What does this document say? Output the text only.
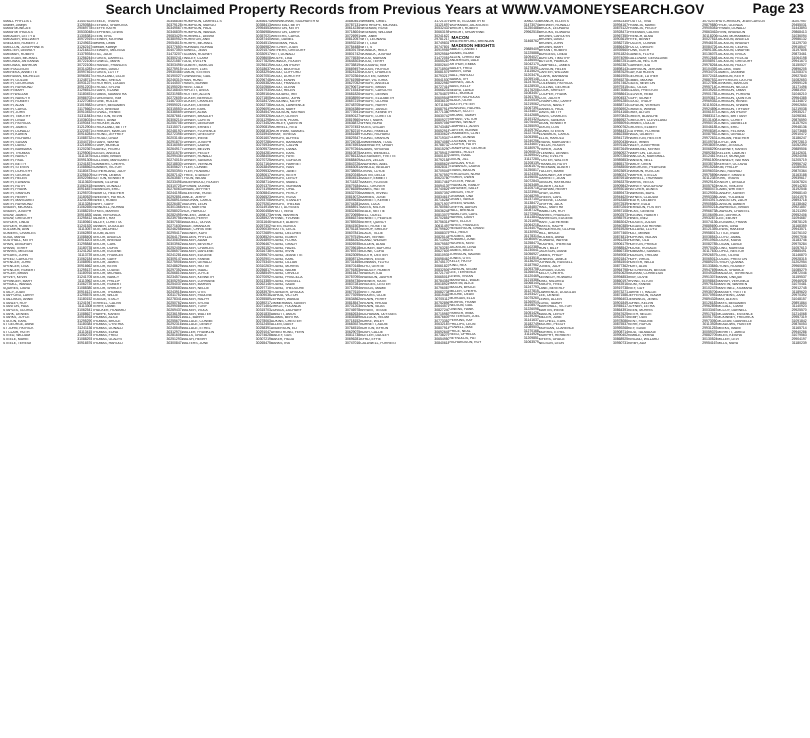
Search Unclaimed Property Records from Previous Years at WWW.VAMONEYSEARCH.GOV	Page 23
SMALL PHYLLIS L	31447522
Shaner, Joseph	31250584
SMAW MONICA E	29069778
SMAW MITHIUOLS	30533048
SMEADER, LETTY A	31305381
SMEADER, WILLIAM H	30972919
SNEDDEN, ROBERT J	31249631
SMELLON, JOSEPHINE B	31262167
SMELTER, DEBRA Y	31216422
SMEMAIR, ROBERT	31375934
SMETIGAN, MICHAEL	31256244
SMEONAS, ANTIANNA	30722106
SMEONAS, BARROW	30722106
SMITH ALLISON	30314283
SMEREKA, ANNETTE	30997461
SMERDIAN, MICHELLE	30960817
SMITH, GOLDIE	31248713
SMITH, GEORGINA	30931227
SMITH, RAYMOND	30912203
SMITH MARY	31296512
SMITH WILLIAM	31180451
SMITH, NANCY K	30986702
SMITH, ROBERT	31227045
SMITH, ALAN	31019582
SMITH, CAROL	31175662
SMITH, JOHN	30910452
SMITH, TIMOTHY	31311843
SMITH, LINDA	31036024
SMITH, PATRICIA	31090447
SMITH, JAMES	31212904
SMITH, DONALD	31224571
SMITH, KAREN	30916284
SMITH, RICHARD	31088732
SMITH, SUSAN	31044719
SMITH, DAVID	31216950
SMITH, BARBARA	31202367
SMITH, THOMAS	31295061
SMITH, NANCY	31113476
SMITH, PAUL	30991305
SMITH, BETTY	31241837
SMITH, STEVEN	31088562
SMITH, DOROTHY	31180473
SMITH, GEORGE	31256109
SMITH, HELEN	30922946
SMITH, EDWARD	31113620
SMITH, RUTH	31062418
SMITH, FRANK	30916457
SMITH, SHARON	31295703
SMITH, HENRY	31180529
SMITH, MARGARET	31241098
SMITH, RAYMOND	31113284
SNIDER, MICHAEL	31062650
SNIDER, JOSEPH	31088219
SNOW, JAMES	30916830
SNOW, GREGORY	31295412
SNYDER, LINDA	31180661
SNYDER, ROBERT	31241520
SOLOMON, ANN	31113057
SOMERS, CHARLES	31062893
SOSA, MARIA	31088406
SOUTHALL, KEITH	30916203
SPAIN, DEBORAH	31295848
SPANN, TERRY	31180735
SPARKS, MELISSA	31241262
SPEARS, JOHN	31113739
SPEED, CAROLYN	31062184
SPENCER, JOHN	31088951
SPENCER, LISA	30916662
SPENCER, ROBERT	31295137
SPICER, BRIAN	31180916
SPIVEY, KEVIN	31241705
SPRINGER, MARY	31113962
SPRUILL, WANDA	31062739
SQUIRES, DAVID	31088380
STACY, JOAN	30916121
STAFFORD, LARRY	31295576
STALLINGS, ANNIE	31180152
STANLEY, ROY	31241947
STANTON, PAUL	31113308
STAPLES, GLORIA	31062541
STARK, DENNIS	31088627
STARKS, JOYCE	30916918
STATON, EARL	31295290
ST GEORGE, ANNE	31180384
ST JOHN, PATRICK	31241136
ST CLAIR, RUTH	31113415
STEED, WILLIAM	31062078
STEELE, MARIE	31088293
STEELE, TERESA	30916576
STEELE, TRAVIS	30346836
STEFANO, SHARON A	30379128
STEFFE KATHI	30349567
STEPHENS, LEWIS	30346839
STEIN, ERIC	29083429
STEINER, KATRINA	30380952
Stevens, Lewis	29054615
Stewart, Kathryn	30377650
STEWART, MELISSA	30407350
STILL, JULIE	31473207
STOKES, DARRELL	30350241
STOWELL, MARK	30221587
STRANGE, FRANCES	30303496
STORMS, DAVID	30275915
STOKES, LOTTY	29930466
STRICKLAND, LILLIE	30190027
STRONG, SHEILA	30246310
STROTHER, LOGAN	30144507
STROUD, SYLVIA	30195026
STUART, ELAINE	30216840
STUBBS, SAMANTHA	30231985
STURDIVANT, KIM	30272605
STONE, HOLLIE	31467330
STOREY, BENJAMIN	29959021
STOUT, BRENDA	30315553
STOVALL, RENEE	30338569
STRATTON, KEVIN	30287661
STREET, ANNA	30306214
STRICKER, ALAN	30255708
STRICKLAND, BETTY	31315071
STRINGER, MARCUS	30248192
STRONG, JEFFREY	30272398
STROUD, LINDA	30203146
STUART, WAYNE	30291874
STUMP, MONICA	30316055
SUAREZ, PEDRO	30264917
SUGGS, ANGELA	30231578
SULLIVAN, BRIAN	30299436
SULLIVAN, MARGARET	30274015
SUMMERS, CHERYL	30218830
SUMNER, VICTOR	30305627
SUTHERLAND, JUDY	30250394
SUTPHIN, DEBRA	30287142
SUTTON, KENNETH	30263587
SWAIN, GLORIA	30233496
SWANN, DONALD	30310725
SWANSON, ERIC	30276063
SWARTZ, HEATHER	30244198
SWEENEY, PATRICK	30292851
SWEET, ROBIN	30268914
SWIFT, GARY	30226487
SWINDELL, NORMA	30301368
SYKES, MARVIN	30258023
TABB, VERONICA	30282495
TALBERT, RAY	30239756
TALLEY, LORETTA	30307084
TANNER, DOUGLAS	30271630
TATE, MILDRED	30246258
TATUM, ALVIN	30295417
TAYLOR, ANGELA	30264175
TAYLOR, BRENDA	30230839
TAYLOR, CARL	30303962
TAYLOR, DORIS	30252406
TAYLOR, EUGENE	30286573
TAYLOR, FRANCES	30241281
TAYLOR, GARY	30309147
TAYLOR, JAMES	30275906
TAYLOR, KEVIN	30248629
TAYLOR, LOUISE	30297352
TAYLOR, MICHAEL	30266810
TAYLOR, NANCY	30234574
TAYLOR, PHILLIP	30305293
TAYLOR, ROBERT	30254037
TAYLOR, SHIRLEY	30289680
TAYLOR, THOMAS	30243915
TAYLOR, WILLIE	30311752
TEAGUE, STACY	30278341
TERRELL, CALVIN	30250762
TERRY, DIANE	30299085
THACKER, HOWARD	30269437
THARPE, KAREN	30236198
THOMAS, ALICE	30306821
THOMAS, BRUCE	30255670
THOMAS, CYNTHIA	30292316
THOMAS, DONALD	30245549
THOMAS, EDNA	30312974
THOMAS, FRED	30281608
THOMAS, GLADYS	30251293
THOMAS, HAROLD	30300847
THOMPSON, DARRELL S	30456474
THOMPSON, MARGO	30358413
THOMPSON, PAUL	29954553
THOMPSON, WANDA	30356986
THORNHILL, DEBRA	30357021
THORNTON, ANN	30287440
THORPE, MICHAEL	30264513
THURMAN, NORMA	30356982
TIDWELL, JEAN	30291574
TILLMAN, RODNEY	30330917
TINSLEY, CLARA	30298608
TODD, EVELYN	30277825
TOLBERT, MARCUS	30256119
TOLLIVER, LOIS	30318637
TOMLIN, STEVEN	30283294
TOWNSEND, GAIL	30267051
TRAN, HUNG	30296748
TRAVIS, BONNIE	30265382
TRENT, DALE	30310566
TRIPLETT, ANITA	30257930
TROTTER, ALLEN	30289164
TUCKER, BERNICE	30271805
TUCKER, CHARLES	30318472
TUCKER, DENISE	30262738
TUCKER, EARL	30296091
TURNER, ALMA	30284547
TURNER, BRADLEY	30259326
TURNER, CURTIS	30311298
TURNER, DEBORAH	30273452
TURNER, ERNEST	30290819
TURNER, FLORENCE	30268163
TURNER, GREGORY	30315940
TURNER, IRENE	30261607
TURNER, JOSEPH	30297286
TURNER, LAURA	30276934
TURNER, MELVIN	30309573
TURNER, PEGGY	30254281
TURNER, RONALD	30288406
TURNER, SANDRA	30270725
TURNER, VERNON	30317164
TYLER, CONNIE	30263849
TYLER, HOWARD	30299532
TYREE, STANLEY	30280617
TYSON, WILMA	30312089
UNDERWOOD, ROGER	30258714
UPSHAW, DONNA	30291370
URBAN, JEFFREY	30274196
VALENTINE, ROSE	30305841
VANCE, JERRY	30266523
VAUGHAN, CAROL	30293708
VAUGHN, LEON	30279261
VEST, MARTHA	30314915
VICK, HAROLD	30260458
VINCENT, JANICE	30298173
VINSON, PERRY	30285927
WADDELL, OLIVIA	30311646
WADE, BRANDON	30257302
WADE, CHRISTINE	30290035
WAGNER, KURT	30272689
WALDEN, PHYLLIS	30308524
WALKER, ADAM	30264890
WALKER, BEVERLY	30296467
WALKER, CHARLES	30281152
WALKER, DARLENE	30316738
WALKER, EUGENE	30259674
WALKER, FANNIE	30292901
WALKER, GERALD	30275340
WALKER, HATTIE	30310263
WALKER, ISAAC	30256817
WALKER, JOYCE	30288549
WALKER, KENNETH	30270092
WALKER, LORRAINE	30313385
WALKER, MARVIN	30262146
WALKER, NELLIE	30297710
WALKER, OTIS	30283978
WALKER, PAULINE	30309036
WALKER, RALPH	30255589
WALKER, SYLVIA	30289217
WALKER, TONY	30271464
WALKER, VIOLA	30315703
WALKER, WALTER	30261830
WALL, BARRY	30294585
WALLACE, CONNIE	30278063
WALLACE, DEWEY	30312450
WALLACE, ETHEL	30258391
WALLER, FRANKLIN	30291047
WALLS, GRACE	30274628
WALSH, HENRY	30307219
WALTERS, JUNE	30265475
WINNINGHAM, SIDDHARTH M	30880461
WINSTEAD, BETH	30787131
WINSTON, KEITH	30614236
WINSTON, LARRY	30718604
WINTERS, CAROL	30726991
WISE, DANIEL	30812057
WISEMAN, PAUL	30693210
WITCHER, JOAN	30754488
WITHERS, GREGORY	30639175
WITT, DONALD	30801742
WOLFE, LISA	30776530
WOMACK, ROGER	30648303
WOOD, ANTHONY	30735819
WOOD, BEATRICE	30669497
WOOD, CLIFFORD	30824126
WOOD, DOROTHY	30702364
WOOD, EDWIN	30761958
WOOD, FRANCES	30627052
WOOD, GLENN	30790671
WOOD, HELEN	30715343
WOODARD, IRIS	30681826
WOODARD, JOHN	30838590
WOODING, KATHY	30657219
WOODS, LAWRENCE	30748705
WOODS, MARY	30604386
WOODSON, NATHAN	30773941
WOODY, OLIVER	30690127
WOOTEN, PEARL	30819560
WORLEY, QUENTIN	30636872
WORRELL, RITA	30707453
WORTHAM, SAMUEL	30782210
WRAY, TERESA	30651689
WRIGHT, ALFRED	30829347
WRIGHT, BARBARA	30724018
WRIGHT, CALVIN	30674593
WRIGHT, DIANA	30797264
WRIGHT, EARL	30610875
WRIGHT, FAYE	30756132
WRIGHT, GORDON	30688409
WRIGHT, HARRIET	30843726
WRIGHT, IVAN	30663051
WRIGHT, JANET	30738690
WRIGHT, KEITH	30620248
WRIGHT, LEROY	30804513
WRIGHT, MABEL	30711827
WRIGHT, NORMAN	30679184
WRIGHT, OPAL	30766359
WRIGHT, PERCY	30632706
WRIGHT, ROSA	30815072
WRIGHT, STANLEY	30699635
WRIGHT, THELMA	30744281
WYATT, ULYSSES	30658917
WYATT, VERA	30832460
WYNN, WARREN	30720698
WYNNE, YVONNE	30666374
YANCEY, ALBERT	30785926
YATES, BONITA	30641503
YEATTS, CECIL	30751187
YOUNG, DELORES	30607841
YOUNG, ELMER	30797519
YOUNG, FLORA	30684262
YOUNG, GRADY	30826935
YOUNG, HAZEL	30705618
YOUNG, IRVIN	30769374
YOUNG, JEANETTE	30623059
YOUNG, KARL	30808712
YOUNG, LILLIAN	30731465
YOUNG, MORRIS	30670148
YOUNG, NAOMI	30791803
YOUNG, ORVILLE	30615427
YOUNG, PRISCILLA	30757090
YOUNG, RUSSELL	30694736
YOUNG, SADIE	30837281
YOUNG, THEODORE	30712954
YOUNGER, URSULA	30677610
ZAPATA, VICTOR	30779295
ZEHNER, WANDA	30634862
ZIMMERMAN, XAVIER	30818547
ZIRKLE, YOLANDA	30701203
ZUNIGA, ZACHARY	30746978
ABBOTT, AMOS	30662634
ADAMS, BERTHA	30835389
ADKINS, CHESTER	30718152
ALLEN, DAISY	30683927
ANDERSON, ELI	30764510
ARMSTRONG, FERN	30629075
BAILEY, GUS	30811738
BAKER, HILDA	30696281
BANKS, IRA	30747016
Winstons, Celia L	31721375
WINTHROPE, MICHAEL	31121697
WISEMAN, ROSE	30532433
WISEMAN, WILLIAM	30663198
Witt, Justin	30241622
WITT, LEONARD	29781217
WITT, LISA	30749831
WITT, S	30747801
WOMACK, HEIDI	30919955
WOMACK, JOSHUA	30929564
WOOD, MARIAN	31472051
WOOD, TERRY	30655287
WOODARD, KIM	30802647
WOODS, PATRICK	30718904
WOODY, CHARLES	30681576
WOOTEN, SARAH	30793217
WRAY, VICTORIA	30641530
WRIGHT, ANGELA	30822983
WRIGHT, BRIAN	30727416
WRIGHT, CAROLYN	30668231
WRIGHT, DENNIS	30754875
WRIGHT, ELIZABETH	30609548
WRIGHT, GLORIA	30836109
WRIGHT, HARRY	30711562
WRIGHT, JANICE	30687914
WRIGHT, KENNETH	30771380
WRIGHT, LORETTA	30630742
WYATT, MARK	30809273
WYNN, NORA	30697056
YATES, OSCAR	30743481
YOUNG, PAMELA	30652918
YOUNG, RICHARD	30830624
YOUNG, SHARON	30719347
ZIMMERMAN, TODD	30674085
ABERNATHY, URIAH	30788732
ADAMS, VIRGINIA	30615290
AKERS, WENDELL	30759413
ALEXANDER, YVETTE	30601876
ALLEN, ZELDA	30792158
ANDREWS, ABEL	30685624
ARNOLD, BEULAH	30828317
ATKINS, CLYDE	30709045
AUSTIN, DELLA	30767592
BAILEY, EMMETT	30623780
BAKER, FLOSSIE	30817461
BALL, GROVER	30694139
BANKS, HATTIE	30740826
BARBER, IRVING	30657392
BARNES, JOSIE	30834615
BARNETT, KERMIT	30716284
BASS, LULA	30671907
BATES, MILTON	30780563
BEALE, NETTIE	30636248
BELL, ODELL	30813079
BENNETT, PEARLIE	30702851
BERRY, QUINCY	30756314
BEST, ROSETTA	30611497
BISHOP, SHELBY	30799620
BLACK, TILLIE	30688375
BLAIR, VERNIE	30825148
BLAND, WILBUR	30713902
BOLDEN, ALMA	30679553
BOOKER, BUFORD	30763287
BOONE, CORA	30627609
BOOTH, DEXTER	30810935
BOWEN, ESSIE	30698462
BOWMAN, FLOYD	30745170
BOYD, GERTIE	30661823
BRADLEY, HOMER	30832506
BRANCH, IDA	30721749
BRANDON, JASPER	30665018
BREWER, KATIE	30784351
BRIDGES, LESTER	30618924
BRIGGS, MAMIE	30796087
BRITT, NOAH	30682738
BROOKS, OLLIE	30819465
BROWN, PERRY	30705112
BROWN, RHODA	30752896
BROWN, SILAS	30644571
BRYANT, TESSIE	30827240
BUCHANAN, ULYSSES	30715983
BULLOCK, VELMA	30676609
BURKE, WILEY	30773352
BURNETT, ADDIE	30632187
BURTON, BYRON	30807914
BUSH, CALLIE	30692645
BUTLER, DUDLEY	30738279
BYRD, EFFIE	30654950
CALDWELL, FORREST	30840618
WHITE, ELIZABETH M	30962733
WORKMAN, JACKSON E	31473074
WRIGHT, ROBERT	31250488
WRIGHT, SHUWYNNE	29962518
MACON
WEATHERFORD, BRENDAN	31468762
MADISON HEIGHTS
ABBOTT, ANNIE T	29889409
ADAMS, BLAKE	31225888
ALLEN, CHRISTINA	31094027
ANDERSON, DALE	31186553
ARTHUR, EMMA	31042170
BAILEY, FRED	31278391
BAKER, GINA	31115624
BALL, HAROLD	31203476
BANKS, IVY	31059148
BARNES, JACK	31247615
BASS, KELLY	31128930
BEARD, LANCE	31176208
BELL, MONICA	31083457
BERRY, NICHOLAS	31261784
BLACK, OLIVE	31100539
BOOTH, PETER	31219062
BOWLING, RACHEL	31067391
BRADY, SCOTT	31234817
BROWN, TAMMY	31142685
BRYANT, VICTOR	31191324
BURNS, WENDY	31076450
CAMPBELL, ALVIN	31255093
CARTER, BONNIE	31109762
CHAMBERS, CLINT	31227418
CLARK, DONNA	31053981
COLEMAN, ERIC	31240256
COOPER, FAITH	31134607
CRAWFORD, GEORGE	31180975
DANIEL, HOLLY	31090813
DAVIS, ISAAC	31269542
DIXON, JILL	31117280
DUNCAN, KYLE	31208139
EDWARDS, LAURA	31061574
EVANS, MASON	31250817
FERGUSON, NORA	31124306
FISHER, OWEN	31196051
FOSTER, PAIGE	31072843
FRANKLIN, RANDY	31263489
GARDNER, SALLY	31105718
GIBSON, TROY	31223964
GRAHAM, UNA	31048295
GRANT, VANCE	31237150
GREEN, WILMA	31138472
GRIFFIN, AARON	31184807
HALL, BRENDA	31087126
HAMILTON, CARL	31272560
HARRIS, DAISY	31113843
HART, ELLIOT	31211695
HAYES, FRANCES	31064218
HENDERSON, GRANT	31244079
HILL, HEIDI	31130952
HOLMES, IAN	31178314
HOWARD, JUNE	31080697
HUGHES, KENT	31258473
JACKSON, LENA	31102385
JAMES, MILES	31230641
JOHNSON, NADINE	31056927
JONES, OTIS	31243518
KELLY, PATSY	31136204
KING, REX	31187962
LAWSON, SELMA	31093758
LEE, TERRENCE	31266031
LEWIS, VIVIAN	31120469
MARSHALL, WADE	31215386
MARTIN, ALICE	31068140
MASON, BRUCE	31247793
MILLER, CHERYL	31127815
MOORE, DEAN	31193427
MORGAN, ELLA	31075260
MORRIS, FRANK	31260914
NELSON, GAIL	31108573
OWENS, HANK	31226098
PARKER, IRMA	31051426
PATTERSON, JOEL	31239284
PERKINS, KAY	31141637
PHILLIPS, LEON	31182749
POWELL, MAE	31089503
PRICE, NEAL	31270168
REED, OPHELIA	31114926
REYNOLDS, PAT	31209851
RICHARDSON, ROY	31063579
BRANCH, ELLEN S	30942330
BREWER, RONALD	30994167
BROCK, LEONARD	30875122
BROOKS, EDWARD	30928471
BROWN, CAROLYN	30967350
BROWN, DAVID	30903619
BROWN, JOHN	30982715
BROWN, MARY	30856428
BRYANT, ROBERT	30939560
BURGESS, LINDA	30911824
BURTON, TIMOTHY	30974096
BUTLER, PAMELA	30867251
CAMPBELL, JAMES	30952387
CARSON, HELEN	30898143
CARTER, WILLIAM	30987629
CLARK, BARBARA	30861905
COLE, DONALD	30945278
COLEMAN, PATRICIA	30917462
COLLINS, GEORGE	30979315
COOK, SHIRLEY	30873086
COOPER, FRANK	30958641
COX, JUDITH	30904537
CRAWFORD, LARRY	30991280
CROSS, NANCY	30858714
DANIELS, PAUL	30936902
DAVIS, BETTY	30914168
DAVIS, CHARLES	30970843
DAVIS, SANDRA	30869527
DEAN, KENNETH	30955094
DIXON, LOIS	30900762
DUNN, STEVEN	30984431
EDWARDS, CAROL	30862358
ELLIS, HAROLD	30941719
EVANS, MARGARET	30920436
FIELDS, ROGER	30976182
FISHER, JOAN	30872649
FLEMING, DENNIS	30960927
FORD, EVELYN	30907284
FOSTER, WALTER	30989853
FRANKLIN, RUTH	30865170
FREEMAN, ALBERT	30948506
FULLER, MARIE	30923691
GARDNER, ARTHUR	30980247
GARRETT, JEAN	30876918
GIBSON, RAYMOND	30963375
GILBERT, ALICE	30909842
GRAHAM, HENRY	30993016
GRAY, DORIS	30859473
GREEN, CARL	30944620
GREENE, LOUISE	30918385
GRIFFIN, JACK	30972539
HALL, MARTHA	30870264
HAMILTON, ROY	30957108
HARRIS, FRANCES	30902573
HARRISON, EUGENE	30985791
HART, CATHERINE	30863042
HAYES, RALPH	30940385
HENDERSON, GLORIA	30915926
HILL, BRUCE	30977460
HOLMES, ANNA	30874813
HOWARD, WAYNE	30961254
HUGHES, THERESA	30906179
HUNT, BILLY	30988542
JACKSON, DIANE	30866735
JAMES, PHILIP	30949081
JENKINS, JANICE	30921847
JOHNSON, RUSSELL	30981504
JONES, JUDY	30877362
JORDAN, LOUIS	30964798
KELLY, CHERYL	30910625
KENNEDY, HOWARD	30994853
KING, MILDRED	30860197
KNIGHT, FRED	30943916
LANE, BEVERLY	30919738
LAWRENCE, DOUGLAS	30973271
LEE, DENISE	30871586
LEWIS, ALLEN	30956403
LONG, TAMMY	30901849
MARSHALL, VICTOR	30986117
MARTIN, IRENE	30864391
MASON, LEROY	30947625
MILLER, JUNE	30922574
MITCHELL, EARL	30978086
MOORE, PEGGY	30875537
MORGAN, CLARENCE	30959268
MORRIS, ETHEL	30908714
MURPHY, HERBERT	30990402
MYERS, GRACE	30868925
NELSON, LEON	30950731
FOUTTZ, TINA	30702474
FRANCIS, MARIE	29879880
FRANCIS, PEGGY	29905081
FREEMAN, CALVIN	29863462
FRENCH, ALMA	30118206
FRYE, BENNY	30027518
FULLER, CONNIE	29946193
FULTZ, DWIGHT	30084726
FUNK, EDITH	29891350
GAINES, FLOYD	30136075
GALLOWAY, GERALDINE	29912648
GARCIA, HECTOR	30058917
GARNER, IDA	29978264
GARRISON, JEROME	30104359
GAY, KATHLEEN	29934701
GEORGE, LUTHER	30072418
GIBBS, MAXINE	29887532
GILES, NEWTON	30127896
GILL, OLGA	29957140
GLASS, PRESTON	30039263
GLOVER, REBA	29901785
GOFF, SIDNEY	30093617
GOOD, TRUDY	29969352
GORDON, VERNON	30115024
GRAVES, WINNIE	29924896
GRAY, ALTON	30061573
GREER, BLANCHE	29883117
GREGORY, CLEVELAND	30131408
GRIMES, DOLLIE	29950726
GROVES, ELBERT	30046185
GUTHRIE, FLORINE	29908349
HAGA, GILBERT	30087952
HAIRSTON, HESTER	29972631
HALE, IRWIN	30109764
HALEY, JOSEPHINE	29938057
HAMMOND, KERMIT	30068290
HAMPTON, LUCILLE	29892843
HANCOCK, MARSHALL	30124617
HANSEN, NELL	29961509
HARDY, OREN	30035748
HARGROVE, PEARLINE	29915264
HARMON, ROSCOE	30096031
HARPER, STELLA	29975896
HARRELL, THURMAN	30112387
HARRIS, VESTA	29929140
HARVEY, WOODROW	30057624
HATCHER, AGNES	29880473
HAWKINS, BURL	30129051
HAYNES, CLAUDIA	29953386
HEATH, DELBERT	30043917
HENRY, EULA	29905582
HERNDON, FOSTER	30090214
HICKS, GENEVA	29966738
HIGGINS, HUBERT	30106495
HINES, INEZ	29932871
HODGES, JULIUS	30074136
HOGAN, KATHERINE	29885690
HOLLAND, LLOYD	30121359
HOLT, MINNIE	29958017
HOPKINS, NOLAN	30038542
HORNE, OLA	29910963
HORTON, PRINCE	30082785
HOUSE, ROSALIE	29970426
HUBBARD, SAMUEL	30117630
HUDSON, THELMA	29926579
HUFF, VIRGIL	30065012
HUNTER, WILLA	29889237
HURT, ALVA	30133846
HUTCHERSON, BESSIE	29947695
INGRAM, CORNELIUS	30049328
IRBY, DOVIE	29913074
IRVING, ELTON	30098643
ISOM, FANNIE	29979181
IVEY, GUY	30102478
JARRETT, HALLIE	29935706
JEFFERSON, ISAIAH	30070951
JENNINGS, JEWEL	29894328
JOHNS, KELVIN	30126183
JOYNER, LETHA	29962894
KEEN, MORRIS	30033467
KEITH, NELLIE	29917615
KEMP, ODIS	30091792
KENT, PAULINE	29973050
KERR, RUFUS	30113928
KEY, SUSIE	29931253
KIDD, TALMADGE	30059376
KIMBLE, VERNA	29882709
KINCAID, WILLARD	30130524
KIRBY, ADA	29954167
HUTCHINSON, JEAN CARLOS	30207957
HYDE, GLENDA	29455031
HYMAN, DONALD	31443893
IRVIN, BRANDON	29868413
ISLAM, MOHAMMED	31036094
JACKSON, ANGELA	29986132
JACKSON, BRANDY	31129730
JACKSON, CEDRIC	29918547
JACKSON, DWAYNE	31197805
JACKSON, ERICA	29873461
JACKSON, FELICIA	31064198
JACKSON, GREGORY	29941673
JACKSON, HOLLY	31150527
JACOBS, IVAN	29896205
JAMES, JASMINE	31208374
JAMISON, KEITH	29927840
JEFFERSON, LATOYA	31082653
JENKINS, MARCUS	29959128
JOHNSON, NICOLE	31171496
JOHNSON, OMAR	29881937
JOHNSON, PORSHA	31046210
JOHNSON, QUINTON	29964385
JOHNSON, RENEE	31134872
JOHNSON, SHAWN	29902654
JOHNSON, TIFFANY	31219038
JONES, ANTHONY	29935217
JONES, BRITTANY	31098361
JONES, COREY	29876590
JONES, DANIELLE	31157924
JONES, ERIC	29948136
JONES, FELISHA	31073685
JONES, GERALD	29910472
JORDAN, HEATHER	31186247
JOYCE, IAN	29972813
KANE, JESSICA	31052390
KEARNEY, KAREN	29889506
KELLER, LAMONT	31142631
KELLY, MONIQUE	29924098
KENNEDY, NATHAN	31205719
KERSEY, OCTAVIA	29956742
KIM, PHILLIP	31089053
KING, RASHAD	29870364
KINNEY, SHANTE	31163188
KIRK, TRAVIS	29939617
KNIGHT, URSULA	31067824
KNOX, VINCENT	29914283
LAMB, WHITNEY	31192546
LANDRY, XAVIER	29968140
LANE, YOLANDA	31041975
LANGSTON, ZACH	29893718
LARSON, AMBER	31138462
LAWRENCE, BRIAN	29921857
LAWSON, CHANTEL	31211390
LEE, DERRICK	29952406
LEE, EBONY	31094687
LEONARD, FRANK	29878125
LEWIS, GINA	31168359
LEWIS, HAKEEM	29943571
LITTLE, INDIA	31076102
LLOYD, JAMAL	29907936
LOCKE, KIARA	31183746
LOGAN, LANCE	29975284
LONG, MARISSA	31057613
LOPEZ, NESTOR	29885491
LOVE, OLIVIA	31146870
LUCAS, PRESTON	29928315
LYNCH, QUIANA	31202954
LYONS, RODNEY	29960683
MACK, SHANICE	31085279
MADDOX, TERRENCE	29872046
MANN, UNIQUE	31159537
MARSH, VERONICA	29946928
MARTIN, WARREN	31070481
MARTINEZ, XIOMARA	29912745
MASSEY, YVETTE	31189620
MATHEWS, ZANE	29970392
MAY, ALEXIS	31048157
MAYS, BENJAMIN	29891864
MCCALL, CIARA	31140923
MCCOY, DARNELL	29925570
MCDANIEL, ESSENCE	31214068
MCKINNEY, FREDRICK	29957319
MCLEAN, GABRIELLE	31091842
MEADOWS, HUNTER	29876053
MEEKS, IMANI	31165714
MERRITT, JARED	29940286
MILES, KEISHA	31079563
MILLER, LEVI	29904197
MILLS, MAYA	31180239
